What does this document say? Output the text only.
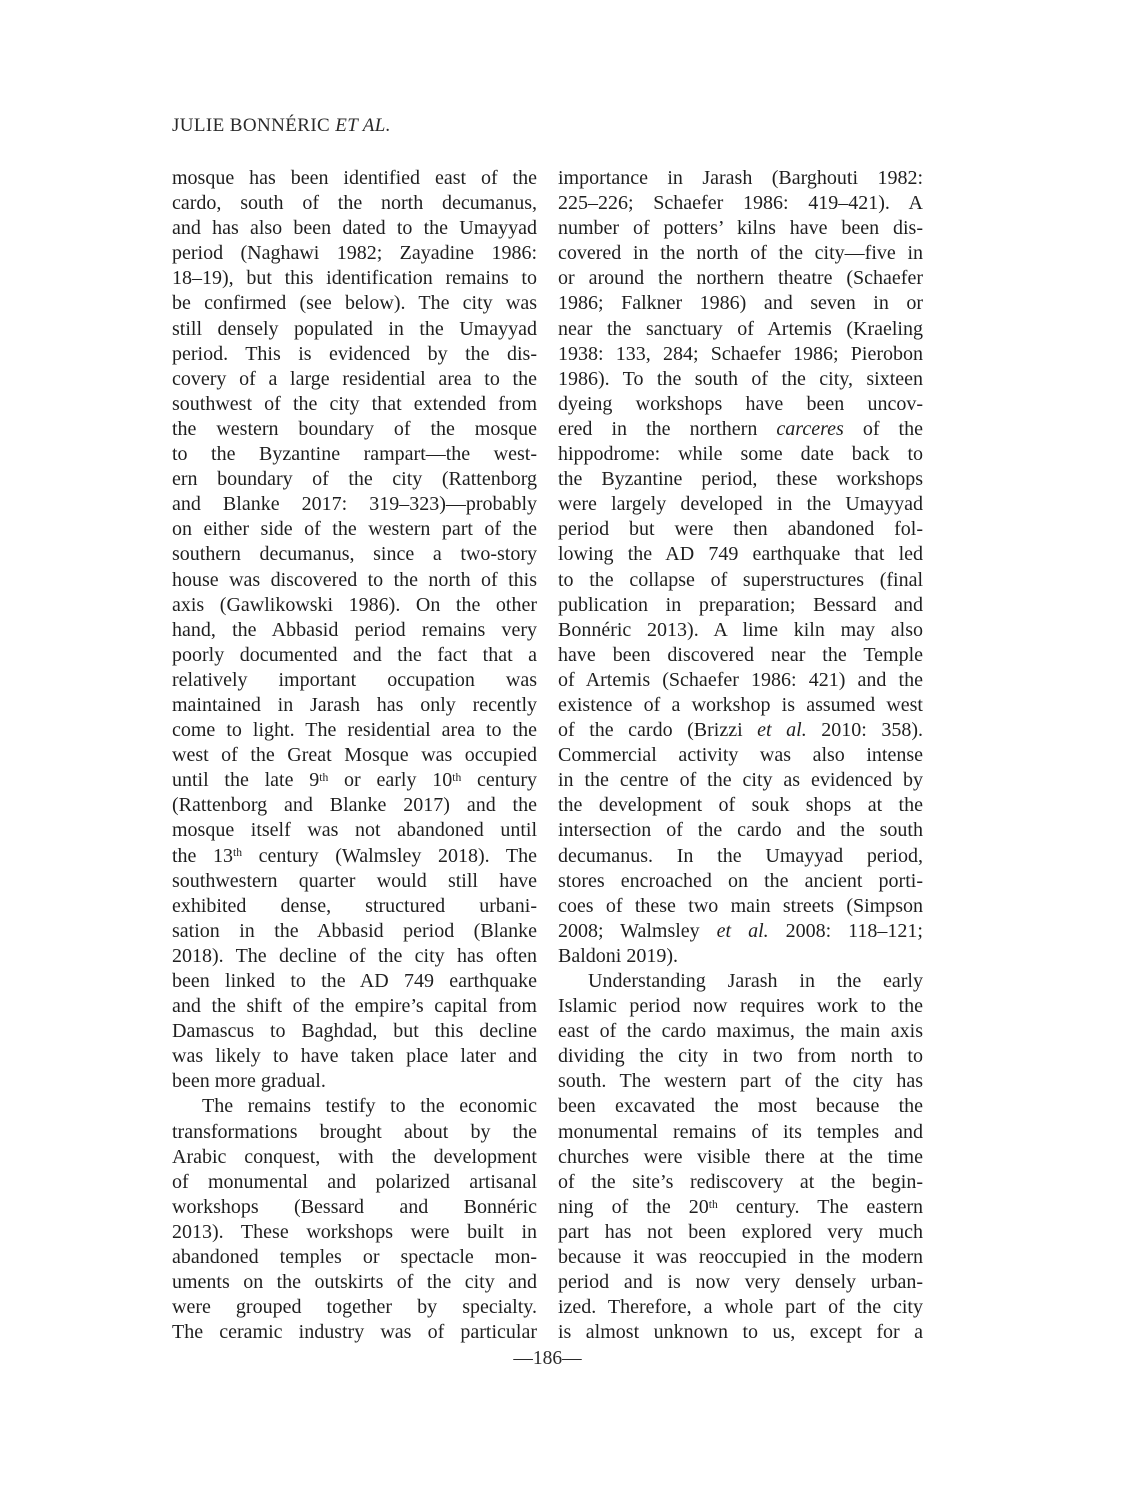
JULIE BONNÉRIC ET AL.
mosque has been identified east of the
cardo, south of the north decumanus,
and has also been dated to the Umayyad
period (Naghawi 1982; Zayadine 1986:
18–19), but this identification remains to
be confirmed (see below). The city was
still densely populated in the Umayyad
period. This is evidenced by the dis-
covery of a large residential area to the
southwest of the city that extended from
the western boundary of the mosque
to the Byzantine rampart—the west-
ern boundary of the city (Rattenborg
and Blanke 2017: 319–323)—probably
on either side of the western part of the
southern decumanus, since a two-story
house was discovered to the north of this
axis (Gawlikowski 1986). On the other
hand, the Abbasid period remains very
poorly documented and the fact that a
relatively important occupation was
maintained in Jarash has only recently
come to light. The residential area to the
west of the Great Mosque was occupied
until the late 9th or early 10th century
(Rattenborg and Blanke 2017) and the
mosque itself was not abandoned until
the 13th century (Walmsley 2018). The
southwestern quarter would still have
exhibited dense, structured urbani-
sation in the Abbasid period (Blanke
2018). The decline of the city has often
been linked to the AD 749 earthquake
and the shift of the empire’s capital from
Damascus to Baghdad, but this decline
was likely to have taken place later and
been more gradual.
The remains testify to the economic
transformations brought about by the
Arabic conquest, with the development
of monumental and polarized artisanal
workshops (Bessard and Bonnéric
2013). These workshops were built in
abandoned temples or spectacle mon-
uments on the outskirts of the city and
were grouped together by specialty.
The ceramic industry was of particular
importance in Jarash (Barghouti 1982:
225–226; Schaefer 1986: 419–421). A
number of potters’ kilns have been dis-
covered in the north of the city—five in
or around the northern theatre (Schaefer
1986; Falkner 1986) and seven in or
near the sanctuary of Artemis (Kraeling
1938: 133, 284; Schaefer 1986; Pierobon
1986). To the south of the city, sixteen
dyeing workshops have been uncov-
ered in the northern carceres of the
hippodrome: while some date back to
the Byzantine period, these workshops
were largely developed in the Umayyad
period but were then abandoned fol-
lowing the AD 749 earthquake that led
to the collapse of superstructures (final
publication in preparation; Bessard and
Bonnéric 2013). A lime kiln may also
have been discovered near the Temple
of Artemis (Schaefer 1986: 421) and the
existence of a workshop is assumed west
of the cardo (Brizzi et al. 2010: 358).
Commercial activity was also intense
in the centre of the city as evidenced by
the development of souk shops at the
intersection of the cardo and the south
decumanus. In the Umayyad period,
stores encroached on the ancient porti-
coes of these two main streets (Simpson
2008; Walmsley et al. 2008: 118–121;
Baldoni 2019).
Understanding Jarash in the early
Islamic period now requires work to the
east of the cardo maximus, the main axis
dividing the city in two from north to
south. The western part of the city has
been excavated the most because the
monumental remains of its temples and
churches were visible there at the time
of the site’s rediscovery at the begin-
ning of the 20th century. The eastern
part has not been explored very much
because it was reoccupied in the modern
period and is now very densely urban-
ized. Therefore, a whole part of the city
is almost unknown to us, except for a
—186—
